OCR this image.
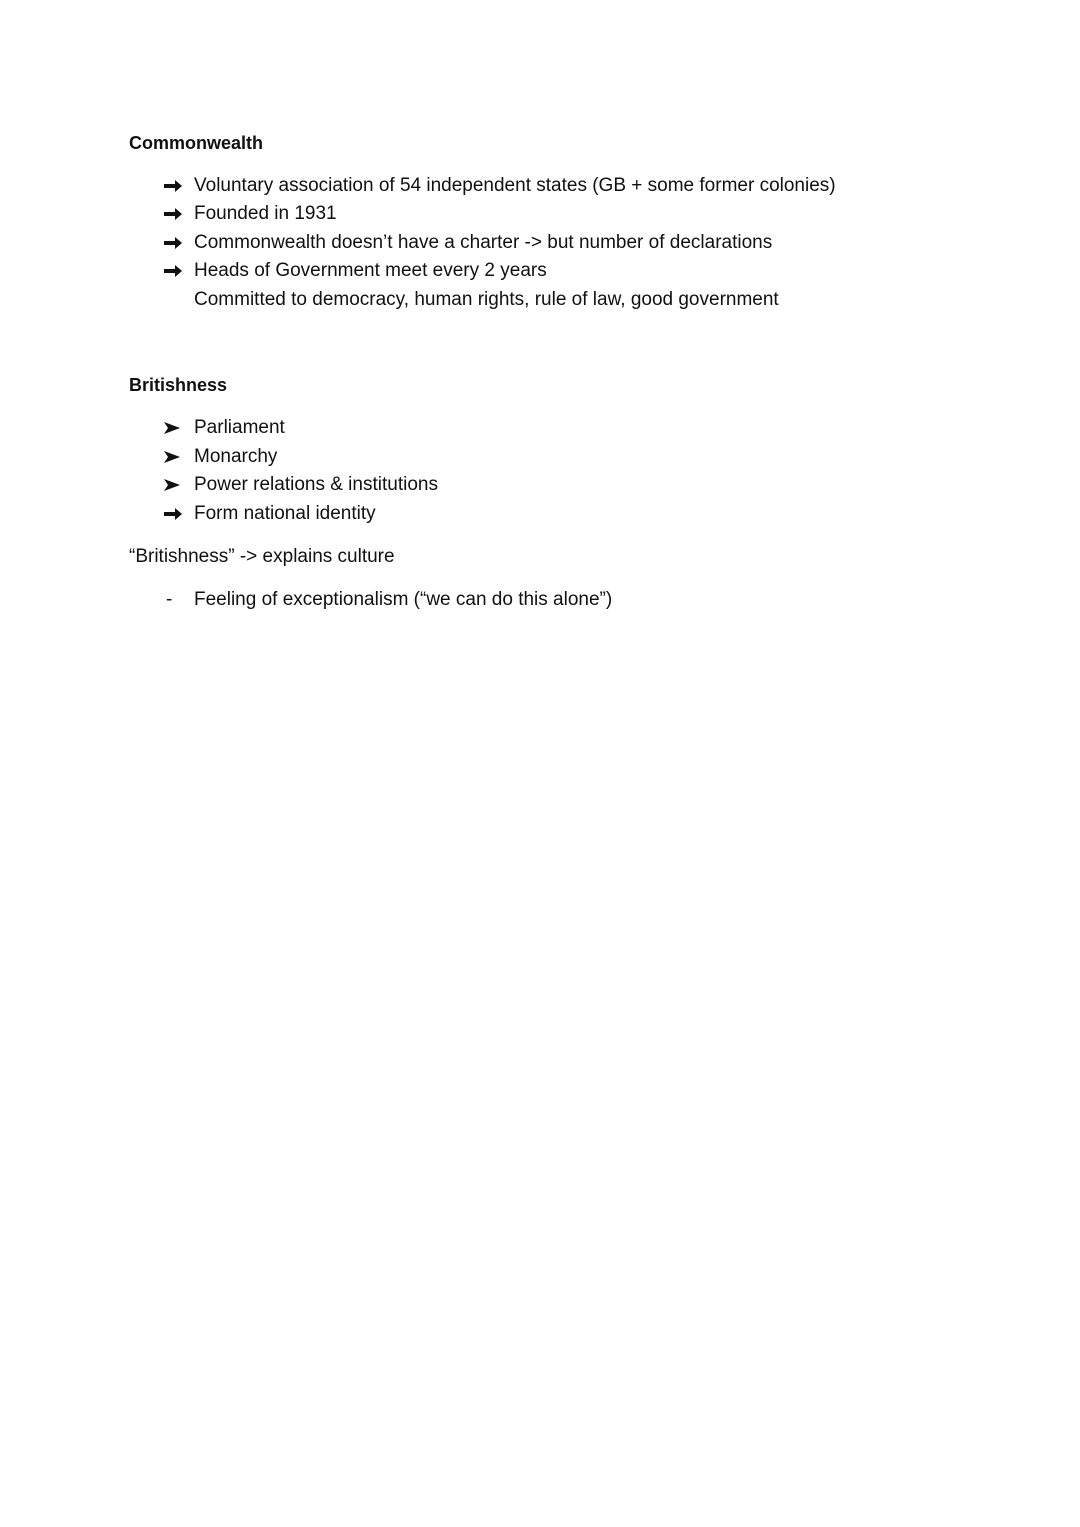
Commonwealth
Voluntary association of 54 independent states (GB + some former colonies)
Founded in 1931
Commonwealth doesn’t have a charter -> but number of declarations
Heads of Government meet every 2 years
Committed to democracy, human rights, rule of law, good government
Britishness
Parliament
Monarchy
Power relations & institutions
Form national identity
“Britishness” -> explains culture
-	Feeling of exceptionalism (“we can do this alone”)
